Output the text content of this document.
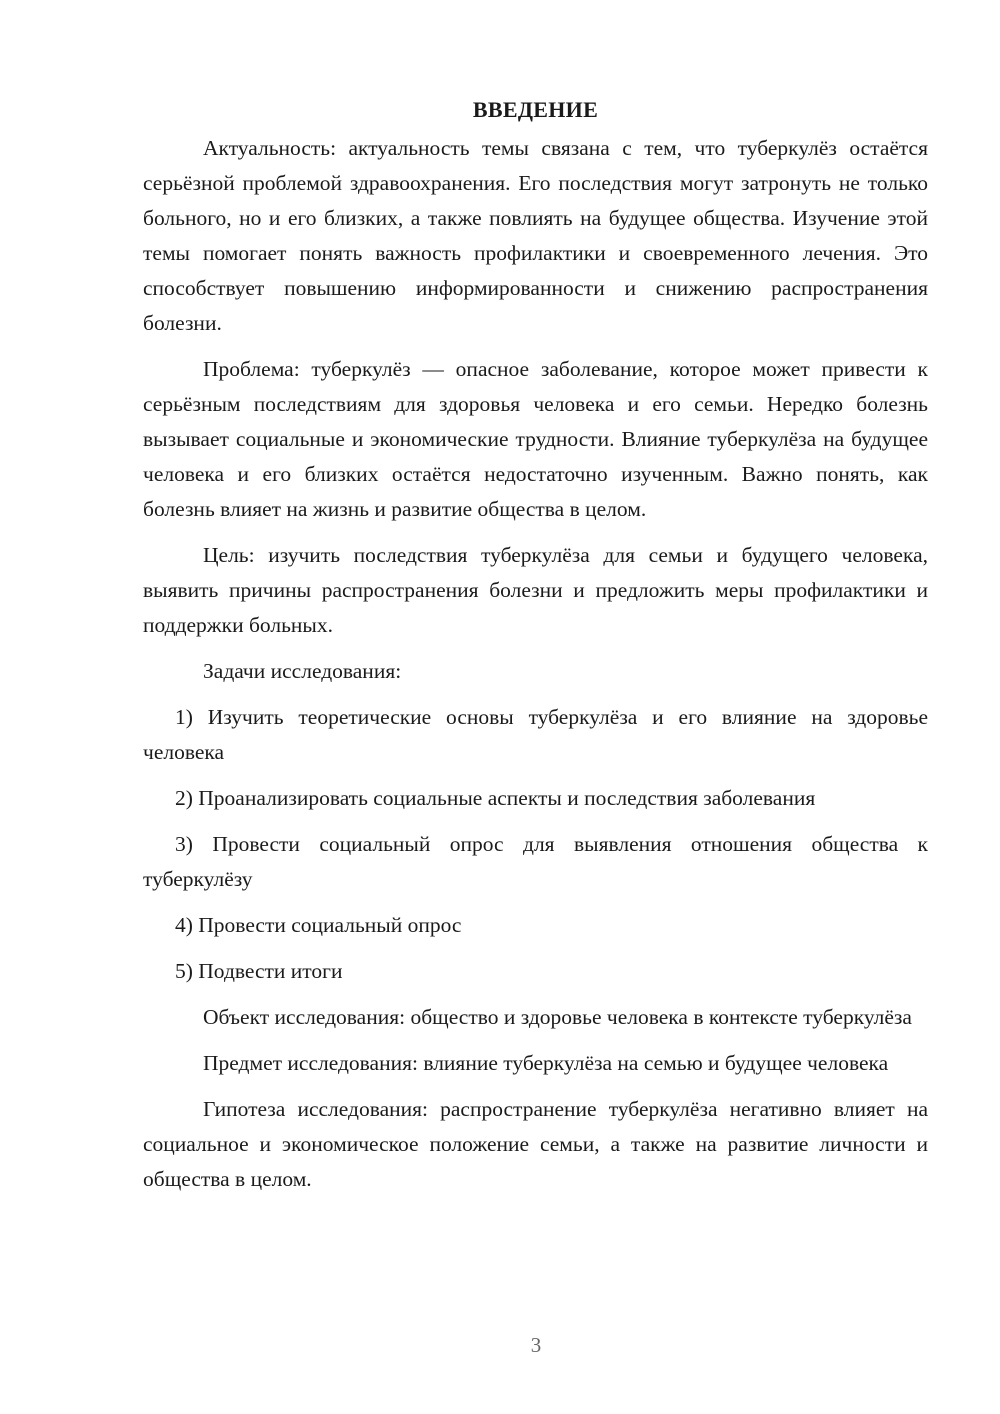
ВВЕДЕНИЕ

Актуальность: актуальность темы связана с тем, что туберкулёз остаётся серьёзной проблемой здравоохранения. Его последствия могут затронуть не только больного, но и его близких, а также повлиять на будущее общества. Изучение этой темы помогает понять важность профилактики и своевременного лечения. Это способствует повышению информированности и снижению распространения болезни.

Проблема: туберкулёз — опасное заболевание, которое может привести к серьёзным последствиям для здоровья человека и его семьи. Нередко болезнь вызывает социальные и экономические трудности. Влияние туберкулёза на будущее человека и его близких остаётся недостаточно изученным. Важно понять, как болезнь влияет на жизнь и развитие общества в целом.

Цель: изучить последствия туберкулёза для семьи и будущего человека, выявить причины распространения болезни и предложить меры профилактики и поддержки больных.

Задачи исследования:

1) Изучить теоретические основы туберкулёза и его влияние на здоровье человека

2) Проанализировать социальные аспекты и последствия заболевания

3) Провести социальный опрос для выявления отношения общества к туберкулёзу

4) Провести социальный опрос

5) Подвести итоги

Объект исследования: общество и здоровье человека в контексте туберкулёза

Предмет исследования: влияние туберкулёза на семью и будущее человека

Гипотеза исследования: распространение туберкулёза негативно влияет на социальное и экономическое положение семьи, а также на развитие личности и общества в целом.

3
